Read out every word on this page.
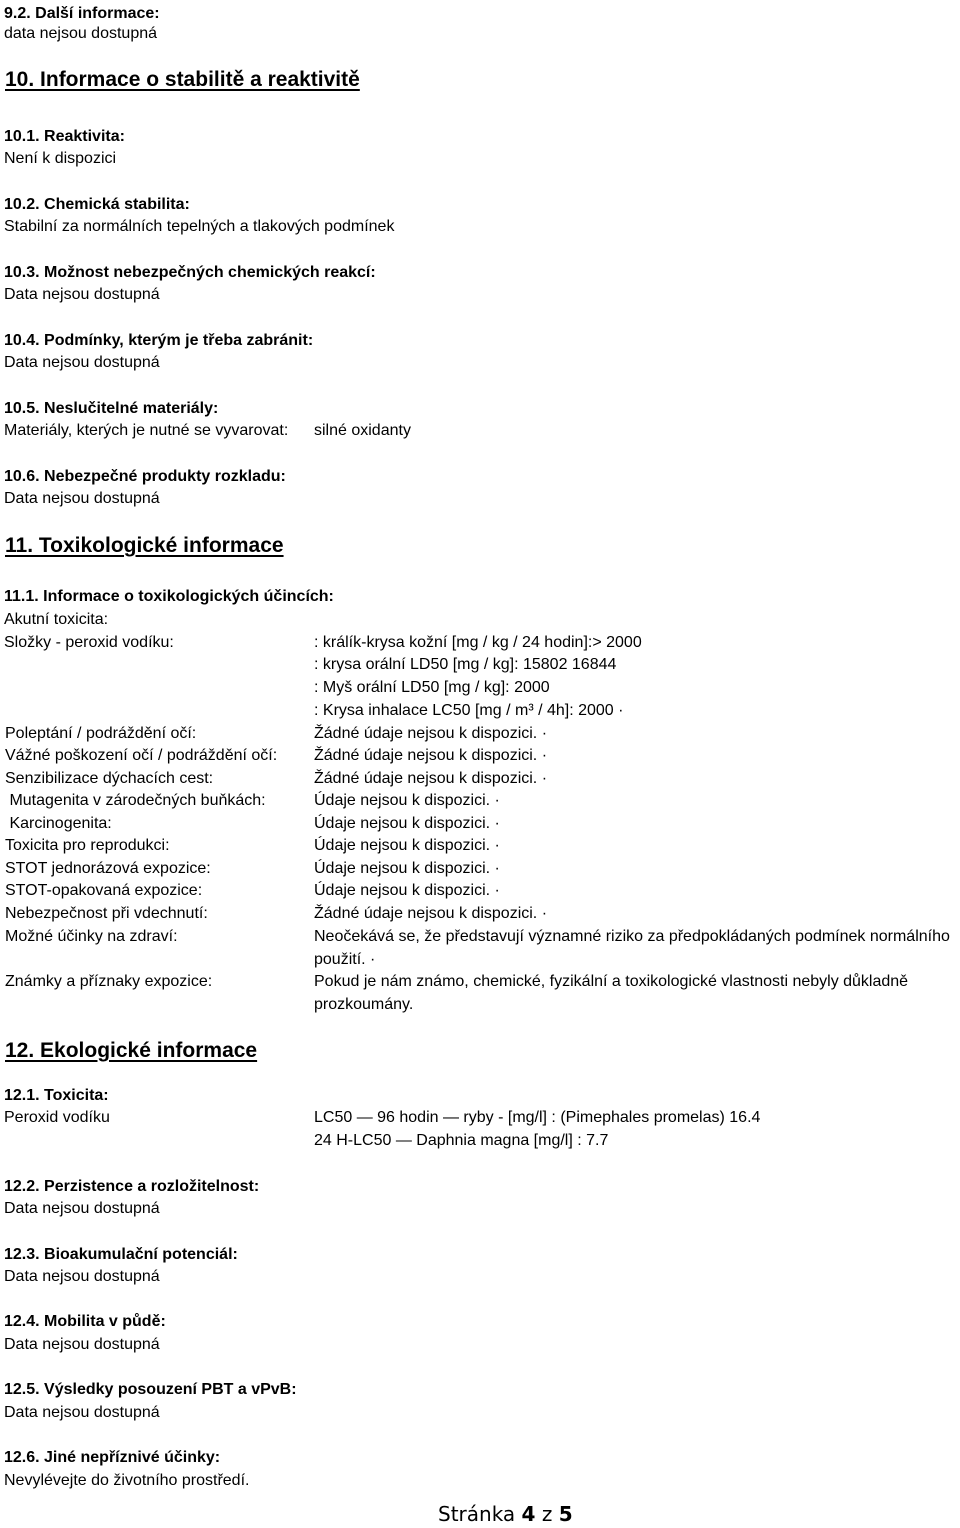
9.2. Další informace:
data nejsou dostupná
10. Informace o stabilitě a reaktivitě
10.1. Reaktivita:
Není k dispozici
10.2. Chemická stabilita:
Stabilní za normálních tepelných a tlakových podmínek
10.3. Možnost nebezpečných chemických reakcí:
Data nejsou dostupná
10.4. Podmínky, kterým je třeba zabránit:
Data nejsou dostupná
10.5. Neslučitelné materiály:
Materiály, kterých je nutné se vyvarovat: silné oxidanty
10.6. Nebezpečné produkty rozkladu:
Data nejsou dostupná
11. Toxikologické informace
11.1. Informace o toxikologických účincích:
Akutní toxicita:
Složky - peroxid vodíku:	: králík-krysa kožní [mg / kg / 24 hodin]:> 2000
: krysa orální LD50 [mg / kg]: 15802 16844
: Myš orální LD50 [mg / kg]: 2000
: Krysa inhalace LC50 [mg / m³ / 4h]: 2000 ·
Poleptání / podráždění očí:	Žádné údaje nejsou k dispozici. ·
Vážné poškození očí / podráždění očí: Žádné údaje nejsou k dispozici. ·
Senzibilizace dýchacích cest:	Žádné údaje nejsou k dispozici. ·
Mutagenita v zárodečných buňkách:	Údaje nejsou k dispozici. ·
Karcinogenita:	Údaje nejsou k dispozici. ·
Toxicita pro reprodukci:	Údaje nejsou k dispozici. ·
STOT jednorázová expozice:	Údaje nejsou k dispozici. ·
STOT-opakovaná expozice:	Údaje nejsou k dispozici. ·
Nebezpečnost při vdechnutí:	Žádné údaje nejsou k dispozici. ·
Možné účinky na zdraví:	Neočekává se, že představují významné riziko za předpokládaných podmínek normálního použití. ·
Známky a příznaky expozice:	Pokud je nám známo, chemické, fyzikální a toxikologické vlastnosti nebyly důkladně prozkoumány.
12. Ekologické informace
12.1. Toxicita:
Peroxid vodíku	LC50 — 96 hodin — ryby - [mg/l] : (Pimephales promelas) 16.4
24 H-LC50 — Daphnia magna [mg/l] : 7.7
12.2. Perzistence a rozložitelnost:
Data nejsou dostupná
12.3. Bioakumulační potenciál:
Data nejsou dostupná
12.4. Mobilita v půdě:
Data nejsou dostupná
12.5. Výsledky posouzení PBT a vPvB:
Data nejsou dostupná
12.6. Jiné nepříznivé účinky:
Nevylévejte do životního prostředí.
Stránka 4 z 5
